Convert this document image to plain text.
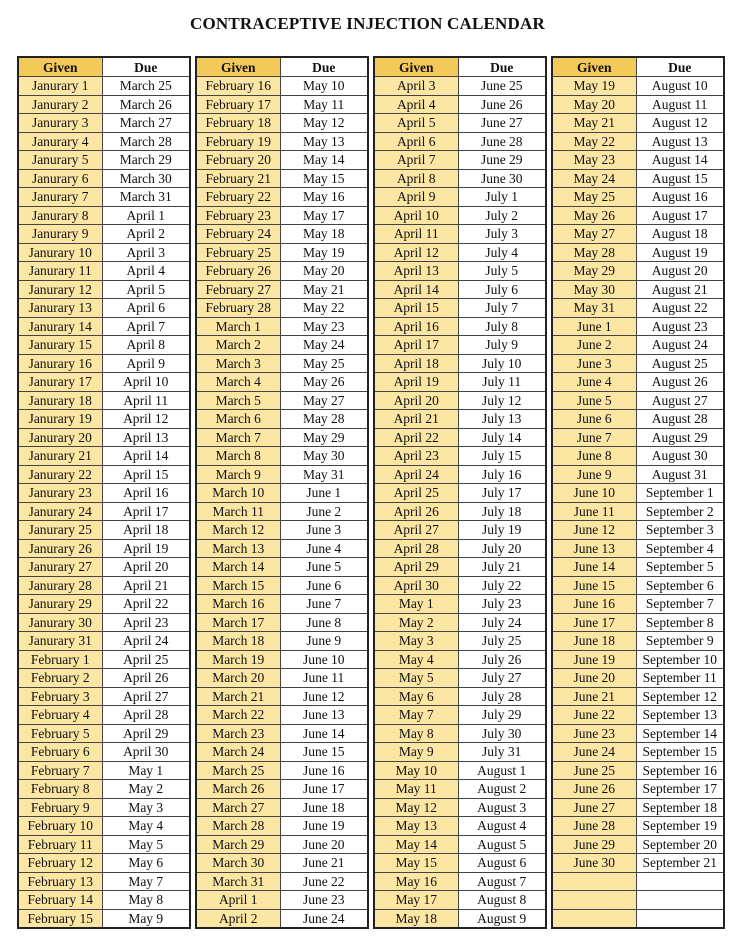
CONTRACEPTIVE INJECTION CALENDAR
Given	Due
Janurary 1	March 25
Janurary 2	March 26
Janurary 3	March 27
Janurary 4	March 28
Janurary 5	March 29
Janurary 6	March 30
Janurary 7	March 31
Janurary 8	April 1
Janurary 9	April 2
Janurary 10	April 3
Janurary 11	April 4
Janurary 12	April 5
Janurary 13	April 6
Janurary 14	April 7
Janurary 15	April 8
Janurary 16	April 9
Janurary 17	April 10
Janurary 18	April 11
Janurary 19	April 12
Janurary 20	April 13
Janurary 21	April 14
Janurary 22	April 15
Janurary 23	April 16
Janurary 24	April 17
Janurary 25	April 18
Janurary 26	April 19
Janurary 27	April 20
Janurary 28	April 21
Janurary 29	April 22
Janurary 30	April 23
Janurary 31	April 24
February 1	April 25
February 2	April 26
February 3	April 27
February 4	April 28
February 5	April 29
February 6	April 30
February 7	May 1
February 8	May 2
February 9	May 3
February 10	May 4
February 11	May 5
February 12	May 6
February 13	May 7
February 14	May 8
February 15	May 9
Given	Due
February 16	May 10
February 17	May 11
February 18	May 12
February 19	May 13
February 20	May 14
February 21	May 15
February 22	May 16
February 23	May 17
February 24	May 18
February 25	May 19
February 26	May 20
February 27	May 21
February 28	May 22
March 1	May 23
March 2	May 24
March 3	May 25
March 4	May 26
March 5	May 27
March 6	May 28
March 7	May 29
March 8	May 30
March 9	May 31
March 10	June 1
March 11	June 2
March 12	June 3
March 13	June 4
March 14	June 5
March 15	June 6
March 16	June 7
March 17	June 8
March 18	June 9
March 19	June 10
March 20	June 11
March 21	June 12
March 22	June 13
March 23	June 14
March 24	June 15
March 25	June 16
March 26	June 17
March 27	June 18
March 28	June 19
March 29	June 20
March 30	June 21
March 31	June 22
April 1	June 23
April 2	June 24
Given	Due
April 3	June 25
April 4	June 26
April 5	June 27
April 6	June 28
April 7	June 29
April 8	June 30
April 9	July 1
April 10	July 2
April 11	July 3
April 12	July 4
April 13	July 5
April 14	July 6
April 15	July 7
April 16	July 8
April 17	July 9
April 18	July 10
April 19	July 11
April 20	July 12
April 21	July 13
April 22	July 14
April 23	July 15
April 24	July 16
April 25	July 17
April 26	July 18
April 27	July 19
April 28	July 20
April 29	July 21
April 30	July 22
May 1	July 23
May 2	July 24
May 3	July 25
May 4	July 26
May 5	July 27
May 6	July 28
May 7	July 29
May 8	July 30
May 9	July 31
May 10	August 1
May 11	August 2
May 12	August 3
May 13	August 4
May 14	August 5
May 15	August 6
May 16	August 7
May 17	August 8
May 18	August 9
Given	Due
May 19	August 10
May 20	August 11
May 21	August 12
May 22	August 13
May 23	August 14
May 24	August 15
May 25	August 16
May 26	August 17
May 27	August 18
May 28	August 19
May 29	August 20
May 30	August 21
May 31	August 22
June 1	August 23
June 2	August 24
June 3	August 25
June 4	August 26
June 5	August 27
June 6	August 28
June 7	August 29
June 8	August 30
June 9	August 31
June 10	September 1
June 11	September 2
June 12	September 3
June 13	September 4
June 14	September 5
June 15	September 6
June 16	September 7
June 17	September 8
June 18	September 9
June 19	September 10
June 20	September 11
June 21	September 12
June 22	September 13
June 23	September 14
June 24	September 15
June 25	September 16
June 26	September 17
June 27	September 18
June 28	September 19
June 29	September 20
June 30	September 21
